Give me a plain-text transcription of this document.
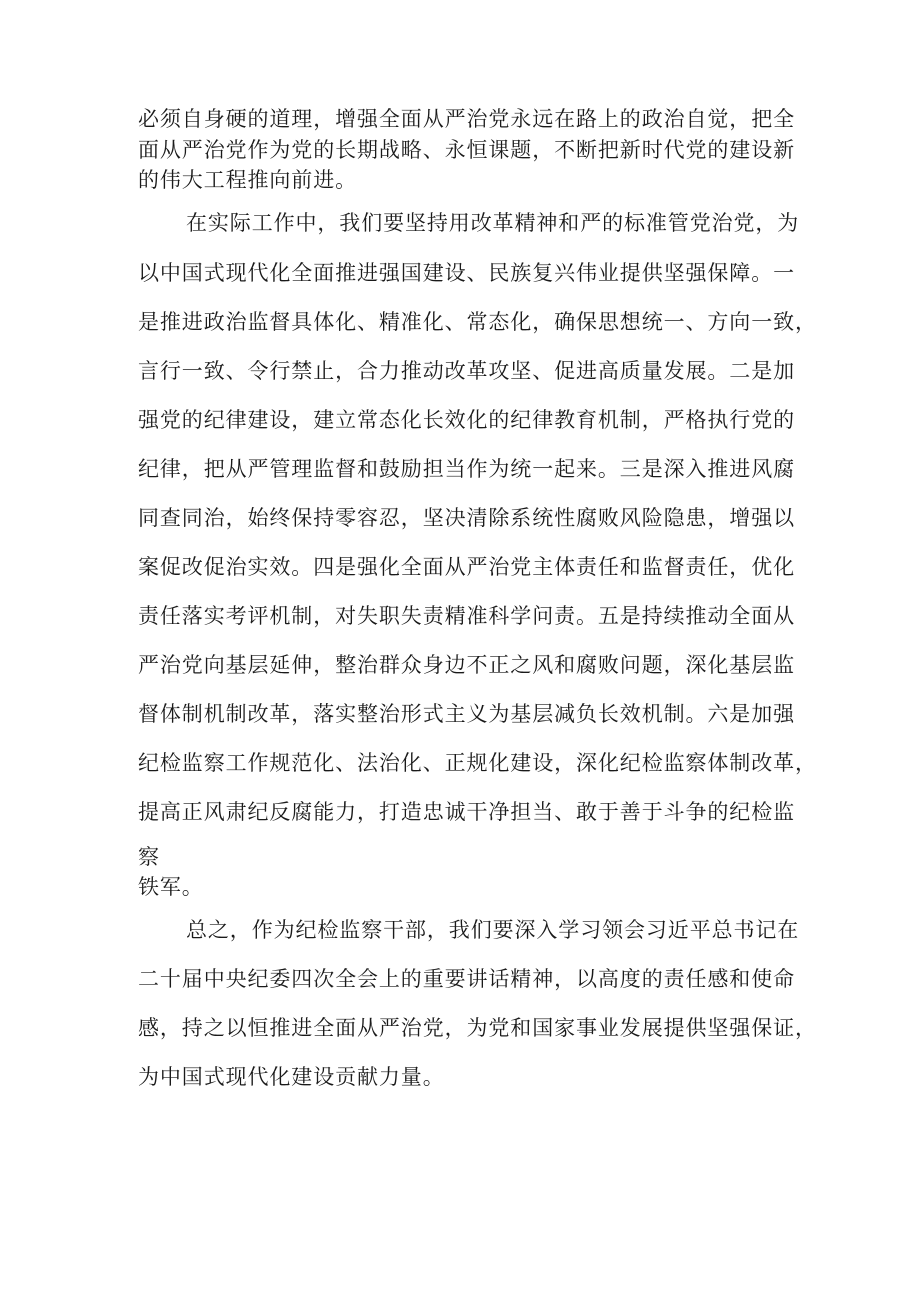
必须自身硬的道理，增强全面从严治党永远在路上的政治自觉，把全
面从严治党作为党的长期战略、永恒课题，不断把新时代党的建设新
的伟大工程推向前进。
在实际工作中，我们要坚持用改革精神和严的标准管党治党，为
以中国式现代化全面推进强国建设、民族复兴伟业提供坚强保障。一
是推进政治监督具体化、精准化、常态化，确保思想统一、方向一致，
言行一致、令行禁止，合力推动改革攻坚、促进高质量发展。二是加
强党的纪律建设，建立常态化长效化的纪律教育机制，严格执行党的
纪律，把从严管理监督和鼓励担当作为统一起来。三是深入推进风腐
同查同治，始终保持零容忍，坚决清除系统性腐败风险隐患，增强以
案促改促治实效。四是强化全面从严治党主体责任和监督责任，优化
责任落实考评机制，对失职失责精准科学问责。五是持续推动全面从
严治党向基层延伸，整治群众身边不正之风和腐败问题，深化基层监
督体制机制改革，落实整治形式主义为基层减负长效机制。六是加强
纪检监察工作规范化、法治化、正规化建设，深化纪检监察体制改革，
提高正风肃纪反腐能力，打造忠诚干净担当、敢于善于斗争的纪检监
察
铁军。
总之，作为纪检监察干部，我们要深入学习领会习近平总书记在
二十届中央纪委四次全会上的重要讲话精神，以高度的责任感和使命
感，持之以恒推进全面从严治党，为党和国家事业发展提供坚强保证，
为中国式现代化建设贡献力量。
